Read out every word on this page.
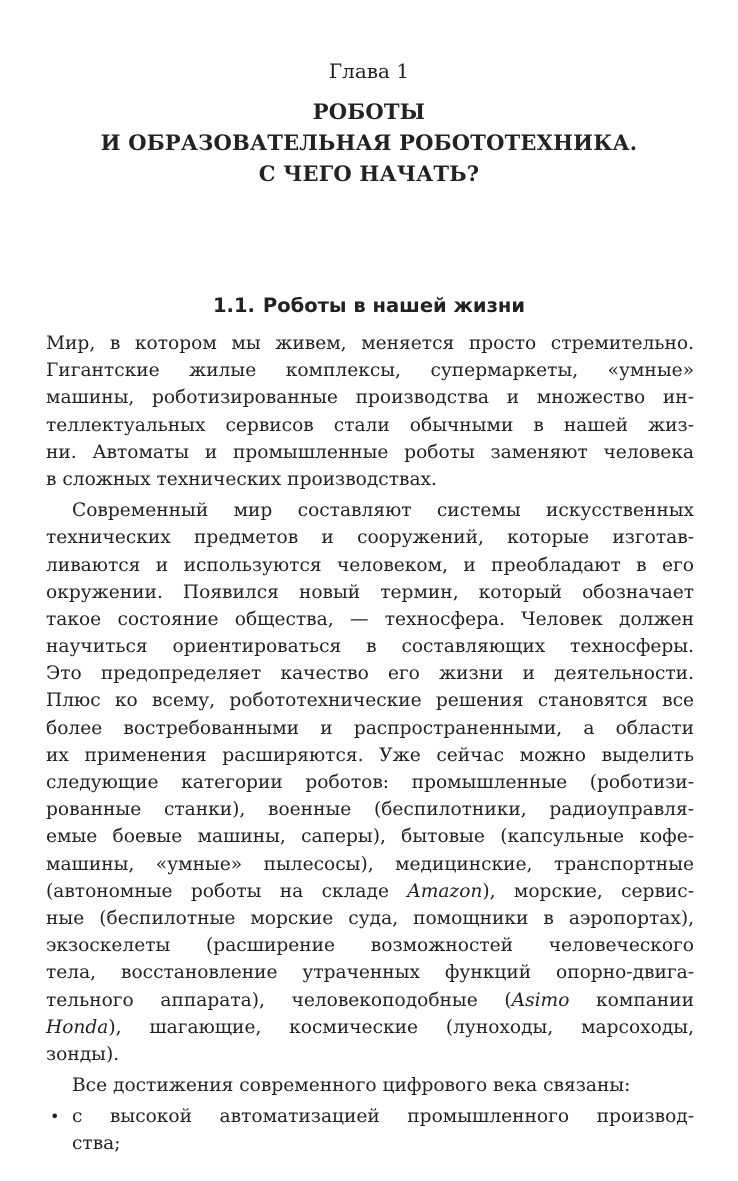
Глава 1
РОБОТЫ
И ОБРАЗОВАТЕЛЬНАЯ РОБОТОТЕХНИКА.
С ЧЕГО НАЧАТЬ?
1.1. Роботы в нашей жизни
Мир, в котором мы живем, меняется просто стремительно.
Гигантские жилые комплексы, супермаркеты, «умные»
машины, роботизированные производства и множество ин-
теллектуальных сервисов стали обычными в нашей жиз-
ни. Автоматы и промышленные роботы заменяют человека
в сложных технических производствах.
Современный мир составляют системы искусственных
технических предметов и сооружений, которые изготав-
ливаются и используются человеком, и преобладают в его
окружении. Появился новый термин, который обозначает
такое состояние общества, — техносфера. Человек должен
научиться ориентироваться в составляющих техносферы.
Это предопределяет качество его жизни и деятельности.
Плюс ко всему, робототехнические решения становятся все
более востребованными и распространенными, а области
их применения расширяются. Уже сейчас можно выделить
следующие категории роботов: промышленные (роботизи-
рованные станки), военные (беспилотники, радиоуправля-
емые боевые машины, саперы), бытовые (капсульные кофе-
машины, «умные» пылесосы), медицинские, транспортные
(автономные роботы на складе Amazon), морские, сервис-
ные (беспилотные морские суда, помощники в аэропортах),
экзоскелеты (расширение возможностей человеческого
тела, восстановление утраченных функций опорно-двига-
тельного аппарата), человекоподобные (Asimo компании
Honda), шагающие, космические (луноходы, марсоходы,
зонды).
Все достижения современного цифрового века связаны:
• с высокой автоматизацией промышленного производ-
ства;
